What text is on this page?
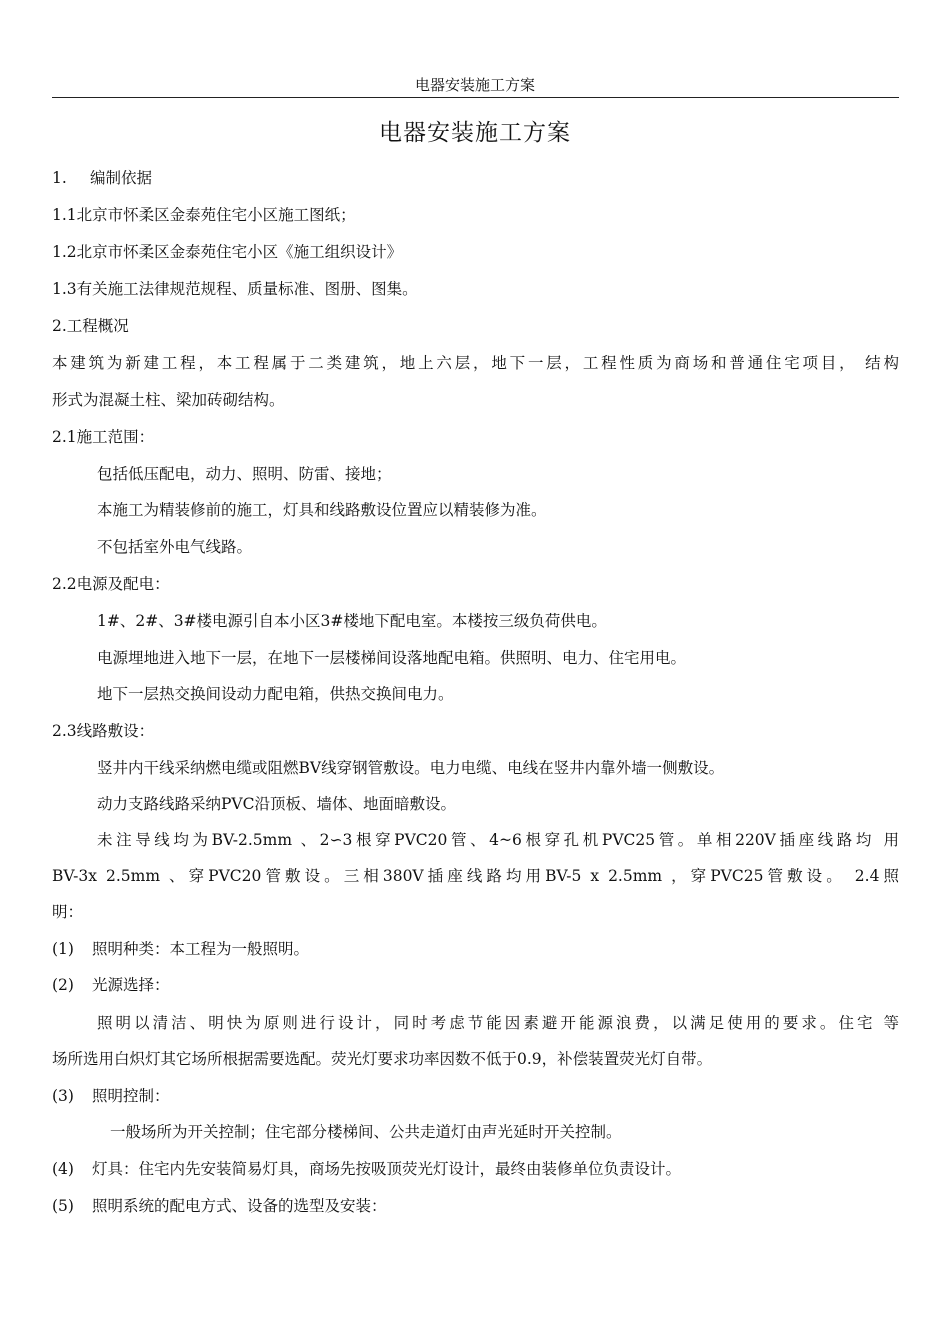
电器安装施工方案
电器安装施工方案
1. 编制依据
1.1北京市怀柔区金泰苑住宅小区施工图纸；
1.2北京市怀柔区金泰苑住宅小区《施工组织设计》
1.3有关施工法律规范规程、质量标准、图册、图集。
2.工程概况
本建筑为新建工程，本工程属于二类建筑，地上六层，地下一层，工程性质为商场和普通住宅项目， 结构
形式为混凝土柱、梁加砖砌结构。
2.1施工范围：
包括低压配电，动力、照明、防雷、接地；
本施工为精装修前的施工，灯具和线路敷设位置应以精装修为准。
不包括室外电气线路。
2.2电源及配电：
1#、2#、3#楼电源引自本小区3#楼地下配电室。本楼按三级负荷供电。
电源埋地进入地下一层，在地下一层楼梯间设落地配电箱。供照明、电力、住宅用电。
地下一层热交换间设动力配电箱，供热交换间电力。
2.3线路敷设：
竖井内干线采纳燃电缆或阻燃BV线穿钢管敷设。电力电缆、电线在竖井内靠外墙一侧敷设。
动力支路线路采纳PVC沿顶板、墙体、地面暗敷设。
未注导线均为BV-2.5mm 、2∽3根穿PVC20管、4~6根穿孔机PVC25管。单相220V插座线路均 用
BV-3x 2.5mm 、穿PVC20管敷设。三相380V插座线路均用BV-5 x 2.5mm ，穿PVC25管敷设。 2.4照
明：
(1) 照明种类：本工程为一般照明。
(2) 光源选择：
照明以清洁、明快为原则进行设计，同时考虑节能因素避开能源浪费，以满足使用的要求。住宅 等
场所选用白炽灯其它场所根据需要选配。荧光灯要求功率因数不低于0.9，补偿装置荧光灯自带。
(3) 照明控制：
一般场所为开关控制；住宅部分楼梯间、公共走道灯由声光延时开关控制。
(4) 灯具：住宅内先安装简易灯具，商场先按吸顶荧光灯设计，最终由装修单位负责设计。
(5) 照明系统的配电方式、设备的选型及安装：
